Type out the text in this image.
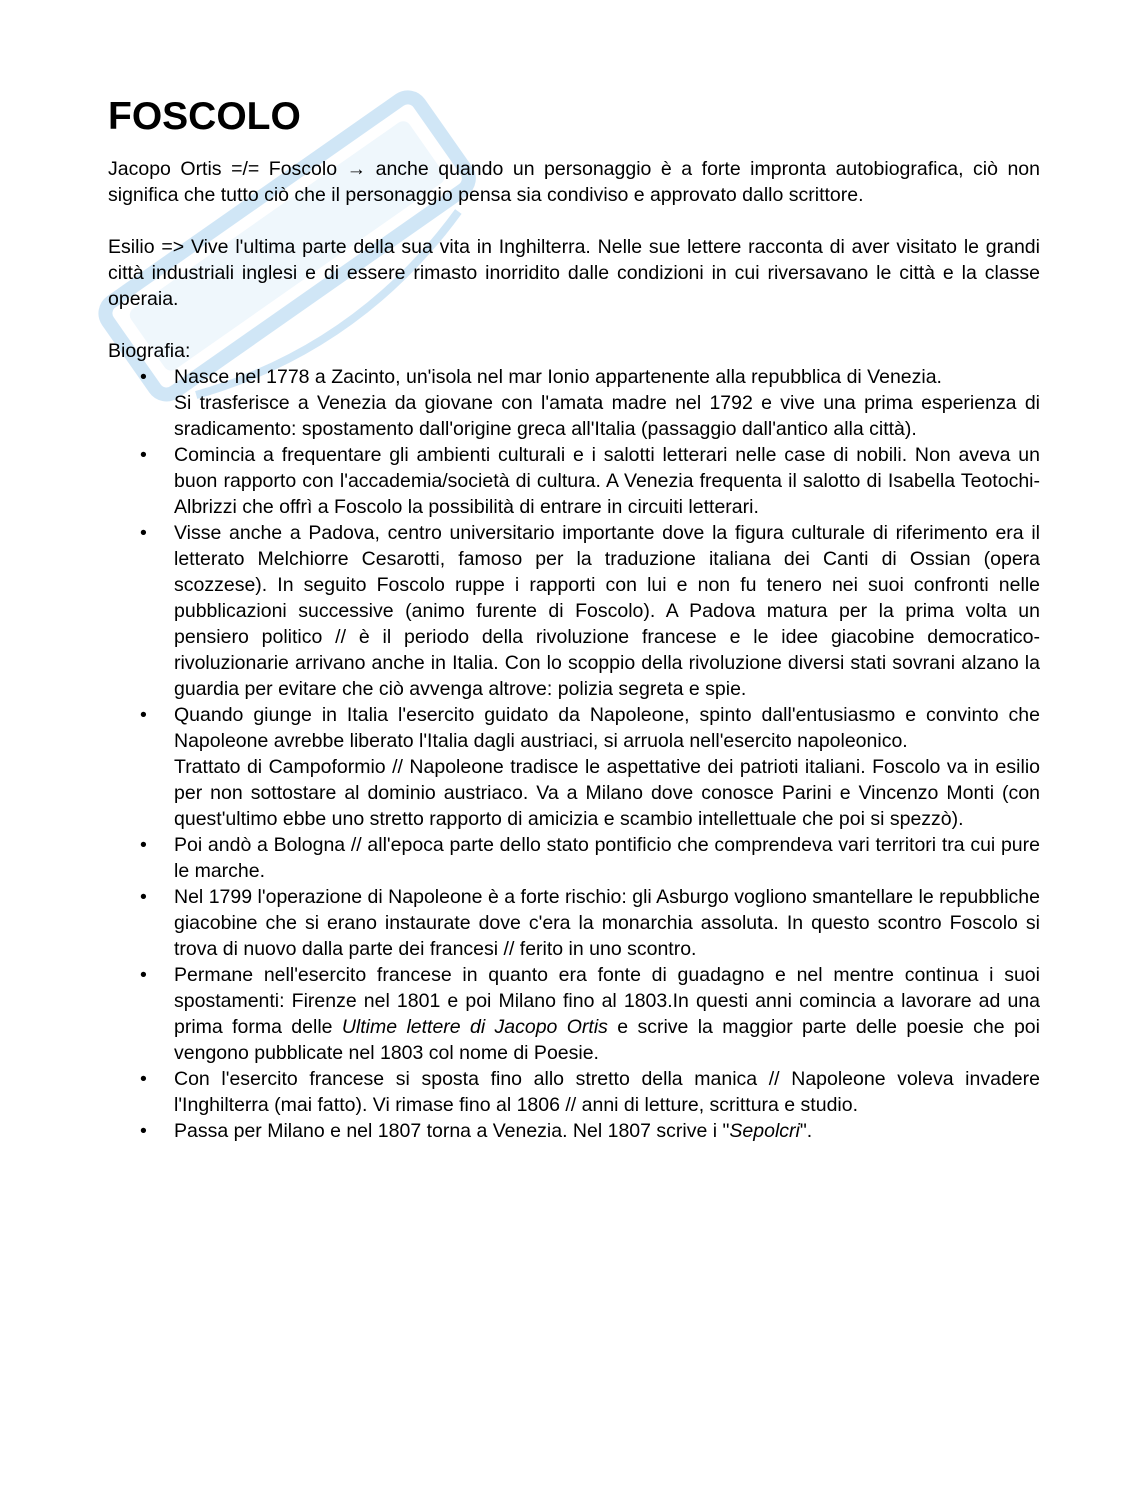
FOSCOLO

Jacopo Ortis =/= Foscolo → anche quando un personaggio è a forte impronta autobiografica, ciò non significa che tutto ciò che il personaggio pensa sia condiviso e approvato dallo scrittore.

Esilio => Vive l'ultima parte della sua vita in Inghilterra. Nelle sue lettere racconta di aver visitato le grandi città industriali inglesi e di essere rimasto inorridito dalle condizioni in cui riversavano le città e la classe operaia.

Biografia:

• Nasce nel 1778 a Zacinto, un'isola nel mar Ionio appartenente alla repubblica di Venezia.
Si trasferisce a Venezia da giovane con l'amata madre nel 1792 e vive una prima esperienza di sradicamento: spostamento dall'origine greca all'Italia (passaggio dall'antico alla città).
• Comincia a frequentare gli ambienti culturali e i salotti letterari nelle case di nobili. Non aveva un buon rapporto con l'accademia/società di cultura. A Venezia frequenta il salotto di Isabella Teotochi-Albrizzi che offrì a Foscolo la possibilità di entrare in circuiti letterari.
• Visse anche a Padova, centro universitario importante dove la figura culturale di riferimento era il letterato Melchiorre Cesarotti, famoso per la traduzione italiana dei Canti di Ossian (opera scozzese). In seguito Foscolo ruppe i rapporti con lui e non fu tenero nei suoi confronti nelle pubblicazioni successive (animo furente di Foscolo). A Padova matura per la prima volta un pensiero politico // è il periodo della rivoluzione francese e le idee giacobine democratico-rivoluzionarie arrivano anche in Italia. Con lo scoppio della rivoluzione diversi stati sovrani alzano la guardia per evitare che ciò avvenga altrove: polizia segreta e spie.
• Quando giunge in Italia l'esercito guidato da Napoleone, spinto dall'entusiasmo e convinto che Napoleone avrebbe liberato l'Italia dagli austriaci, si arruola nell'esercito napoleonico.
Trattato di Campoformio // Napoleone tradisce le aspettative dei patrioti italiani. Foscolo va in esilio per non sottostare al dominio austriaco. Va a Milano dove conosce Parini e Vincenzo Monti (con quest'ultimo ebbe uno stretto rapporto di amicizia e scambio intellettuale che poi si spezzò).
• Poi andò a Bologna // all'epoca parte dello stato pontificio che comprendeva vari territori tra cui pure le marche.
• Nel 1799 l'operazione di Napoleone è a forte rischio: gli Asburgo vogliono smantellare le repubbliche giacobine che si erano instaurate dove c'era la monarchia assoluta. In questo scontro Foscolo si trova di nuovo dalla parte dei francesi // ferito in uno scontro.
• Permane nell'esercito francese in quanto era fonte di guadagno e nel mentre continua i suoi spostamenti: Firenze nel 1801 e poi Milano fino al 1803.In questi anni comincia a lavorare ad una prima forma delle Ultime lettere di Jacopo Ortis e scrive la maggior parte delle poesie che poi vengono pubblicate nel 1803 col nome di Poesie.
• Con l'esercito francese si sposta fino allo stretto della manica // Napoleone voleva invadere l'Inghilterra (mai fatto). Vi rimase fino al 1806 // anni di letture, scrittura e studio.
• Passa per Milano e nel 1807 torna a Venezia. Nel 1807 scrive i "Sepolcri".
